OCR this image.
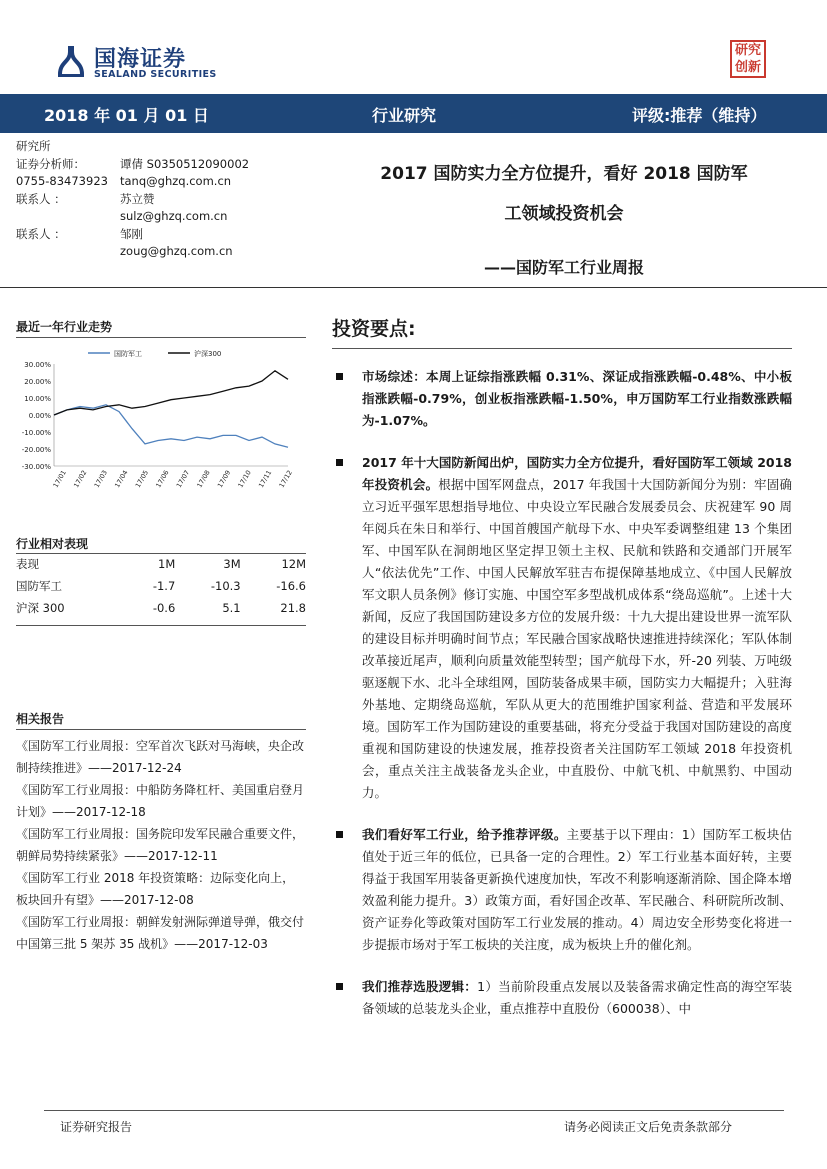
国海证券
SEALAND SECURITIES
研究
创新
2018 年 01 月 01 日	行业研究	评级:推荐（维持）
研究所
证券分析师：	谭倩 S0350512090002
0755-83473923	tanq@ghzq.com.cn
联系人 ：	苏立赞
sulz@ghzq.com.cn
联系人 ：	邹刚
zoug@ghzq.com.cn
2017 国防实力全方位提升，看好 2018 国防军
工领域投资机会
——国防军工行业周报
最近一年行业走势
30.00%
20.00%
10.00%
0.00%
-10.00%
-20.00%
-30.00%
17/01 17/02 17/03 17/04 17/05 17/06 17/07 17/08 17/09 17/10 17/11 17/12
国防军工	沪深300
行业相对表现
表现	1M	3M	12M
国防军工	-1.7	-10.3	-16.6
沪深 300	-0.6	5.1	21.8
相关报告
《国防军工行业周报：空军首次飞跃对马海峡，央企改制持续推进》——2017-12-24
《国防军工行业周报：中船防务降杠杆、美国重启登月计划》——2017-12-18
《国防军工行业周报：国务院印发军民融合重要文件，朝鲜局势持续紧张》——2017-12-11
《国防军工行业 2018 年投资策略：边际变化向上，板块回升有望》——2017-12-08
《国防军工行业周报：朝鲜发射洲际弹道导弹，俄交付中国第三批 5 架苏 35 战机》——2017-12-03
投资要点:
市场综述：本周上证综指涨跌幅 0.31%、深证成指涨跌幅-0.48%、中小板指涨跌幅-0.79%，创业板指涨跌幅-1.50%，申万国防军工行业指数涨跌幅为-1.07%。
2017 年十大国防新闻出炉，国防实力全方位提升，看好国防军工领域 2018 年投资机会。根据中国军网盘点，2017 年我国十大国防新闻分为别：牢固确立习近平强军思想指导地位、中央设立军民融合发展委员会、庆祝建军 90 周年阅兵在朱日和举行、中国首艘国产航母下水、中央军委调整组建 13 个集团军、中国军队在洞朗地区坚定捍卫领土主权、民航和铁路和交通部门开展军人“依法优先”工作、中国人民解放军驻吉布提保障基地成立、《中国人民解放军文职人员条例》修订实施、中国空军多型战机成体系“绕岛巡航”。上述十大新闻，反应了我国国防建设多方位的发展升级：十九大提出建设世界一流军队的建设目标并明确时间节点；军民融合国家战略快速推进持续深化；军队体制改革接近尾声，顺利向质量效能型转型；国产航母下水，歼-20 列装、万吨级驱逐舰下水、北斗全球组网，国防装备成果丰硕，国防实力大幅提升；入驻海外基地、定期绕岛巡航，军队从更大的范围维护国家利益、营造和平发展环境。国防军工作为国防建设的重要基础，将充分受益于我国对国防建设的高度重视和国防建设的快速发展，推荐投资者关注国防军工领域 2018 年投资机会，重点关注主战装备龙头企业，中直股份、中航飞机、中航黑豹、中国动力。
我们看好军工行业，给予推荐评级。主要基于以下理由：1）国防军工板块估值处于近三年的低位，已具备一定的合理性。2）军工行业基本面好转，主要得益于我国军用装备更新换代速度加快，军改不利影响逐渐消除、国企降本增效盈利能力提升。3）政策方面，看好国企改革、军民融合、科研院所改制、资产证券化等政策对国防军工行业发展的推动。4）周边安全形势变化将进一步提振市场对于军工板块的关注度，成为板块上升的催化剂。
我们推荐选股逻辑：1）当前阶段重点发展以及装备需求确定性高的海空军装备领域的总装龙头企业，重点推荐中直股份（600038）、中
证券研究报告	请务必阅读正文后免责条款部分
